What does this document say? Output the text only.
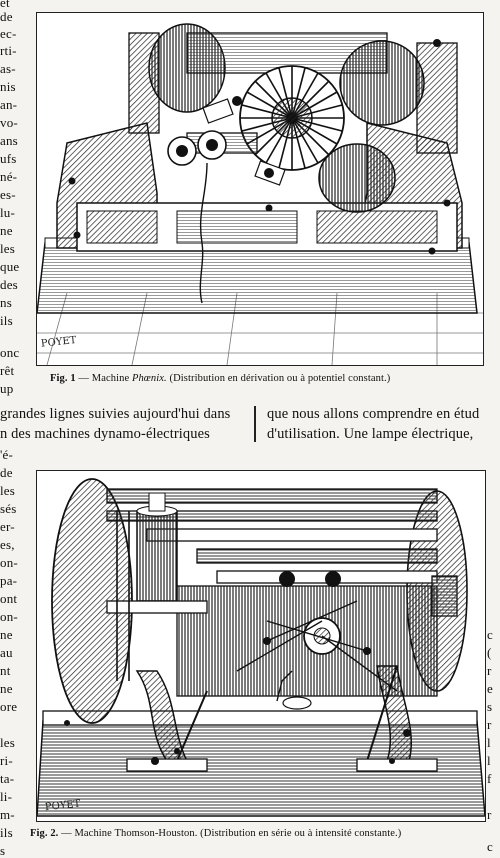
et
de
ec-
rti-
as-
nis
an-
vo-
ans
ufs
né-
es-
lu-
ne
les
que
des
ns
ils
onc
rêt
up
'é-
de
les
sés
er-
es,
on-
pa-
ont
on-
ne
au
nt
ne
ore
les
ri-
ta-
li-
m-
ils
s
c
(
r
e
s
r
l
l
f
r
c
POYET
Fig. 1 — Machine Phœnix. (Distribution en dérivation ou à potentiel constant.)
grandes lignes suivies aujourd'hui dans
n des machines dynamo-électriques
que nous allons comprendre en étud
d'utilisation. Une lampe électrique,
POYET
Fig. 2. — Machine Thomson-Houston. (Distribution en série ou à intensité constante.)
